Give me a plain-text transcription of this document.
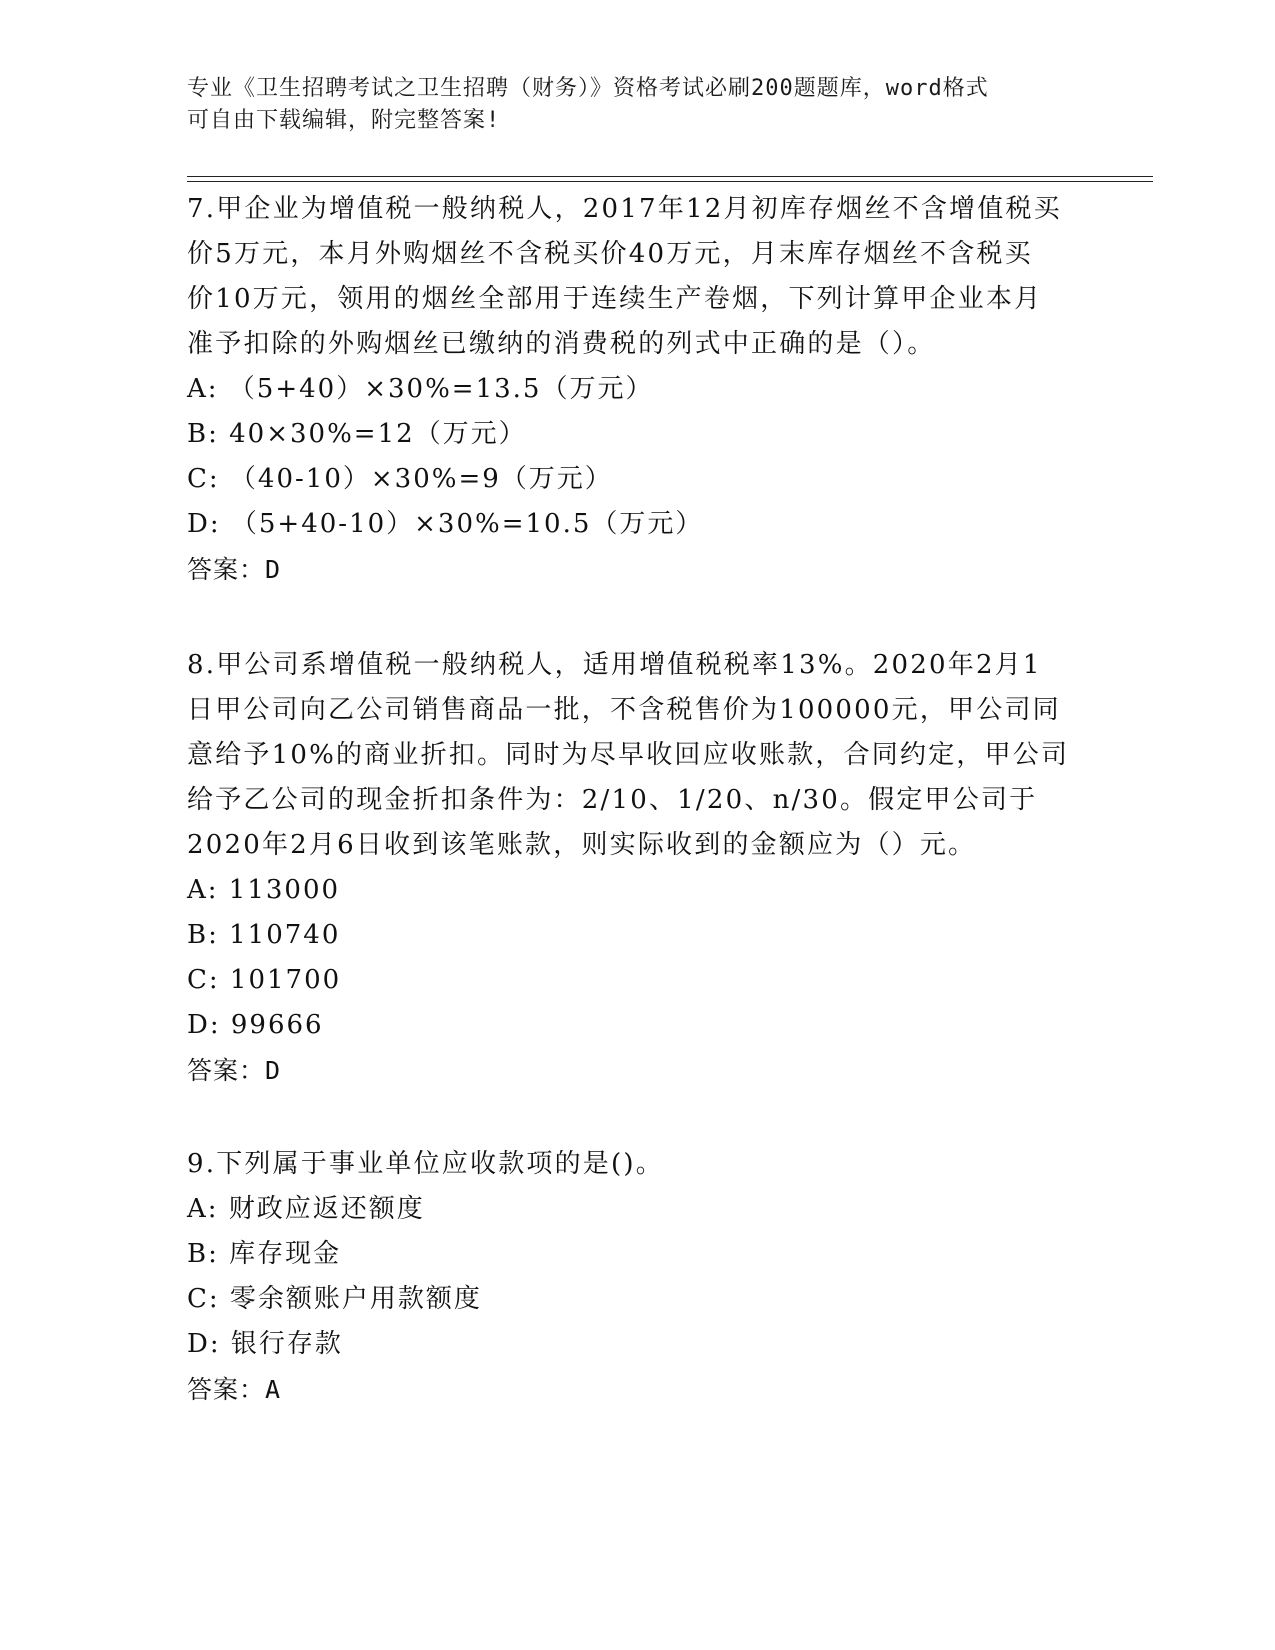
专业《卫生招聘考试之卫生招聘（财务）》资格考试必刷200题题库，word格式
可自由下载编辑，附完整答案!
7.甲企业为增值税一般纳税人，2017年12月初库存烟丝不含增值税买
价5万元，本月外购烟丝不含税买价40万元，月末库存烟丝不含税买
价10万元，领用的烟丝全部用于连续生产卷烟，下列计算甲企业本月
准予扣除的外购烟丝已缴纳的消费税的列式中正确的是（）。
A: （5+40）×30%=13.5（万元）
B: 40×30%=12（万元）
C: （40-10）×30%=9（万元）
D: （5+40-10）×30%=10.5（万元）
答案：D
8.甲公司系增值税一般纳税人，适用增值税税率13%。2020年2月1
日甲公司向乙公司销售商品一批，不含税售价为100000元，甲公司同
意给予10%的商业折扣。同时为尽早收回应收账款，合同约定，甲公司
给予乙公司的现金折扣条件为：2/10、1/20、n/30。假定甲公司于
2020年2月6日收到该笔账款，则实际收到的金额应为（）元。
A: 113000
B: 110740
C: 101700
D: 99666
答案：D
9.下列属于事业单位应收款项的是()。
A: 财政应返还额度
B: 库存现金
C: 零余额账户用款额度
D: 银行存款
答案：A
